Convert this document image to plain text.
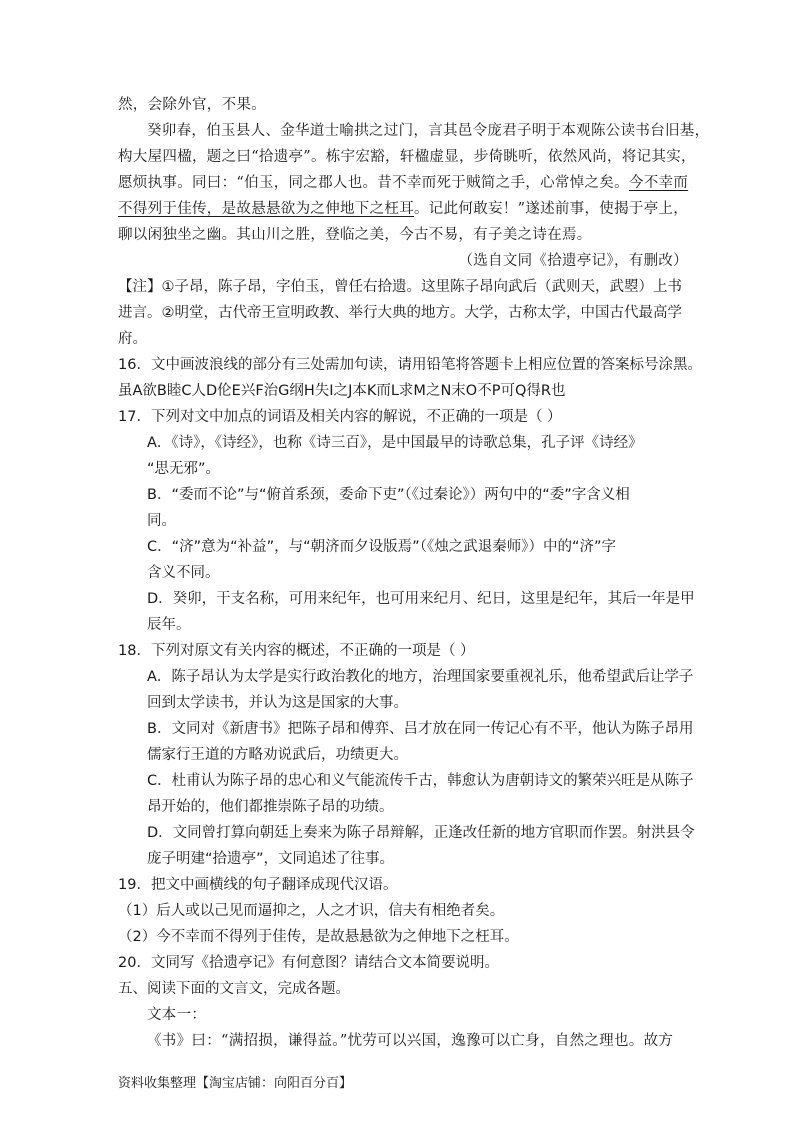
然，会除外官，不果。

癸卯春，伯玉县人、金华道士喻拱之过门，言其邑令庞君子明于本观陈公读书台旧基，

构大屋四楹，题之曰“拾遗亭”。栋宇宏豁，轩楹虚显，步倚眺听，依然风尚，将记其实，

愿烦执事。同曰：“伯玉，同之郡人也。昔不幸而死于贼简之手，心常悼之矣。今不幸而

不得列于佳传，是故悬悬欲为之伸地下之枉耳。记此何敢妄！”遂述前事，使揭于亭上，

聊以闲独坐之幽。其山川之胜，登临之美，今古不易，有子美之诗在焉。

（选自文同《拾遗亭记》，有删改）

【注】①子昂，陈子昂，字伯玉，曾任右拾遗。这里陈子昂向武后（武则天，武曌）上书

进言。②明堂，古代帝王宣明政教、举行大典的地方。大学，古称太学，中国古代最高学

府。

16．文中画波浪线的部分有三处需加句读，请用铅笔将答题卡上相应位置的答案标号涂黑。

虽A欲B睦C人D伦E兴F治G纲H失I之J本K而L求M之N末O不P可Q得R也

17．下列对文中加点的词语及相关内容的解说，不正确的一项是（ ）

A．《诗》，《诗经》，也称《诗三百》，是中国最早的诗歌总集，孔子评《诗经》

“思无邪”。

B．“委而不论”与“俯首系颈，委命下吏”（《过秦论》）两句中的“委”字含义相

同。

C．“济”意为“补益”，与“朝济而夕设版焉”（《烛之武退秦师》）中的“济”字

含义不同。

D．癸卯，干支名称，可用来纪年，也可用来纪月、纪日，这里是纪年，其后一年是甲

辰年。

18．下列对原文有关内容的概述，不正确的一项是（ ）

A．陈子昂认为太学是实行政治教化的地方，治理国家要重视礼乐，他希望武后让学子

回到太学读书，并认为这是国家的大事。

B．文同对《新唐书》把陈子昂和傅弈、吕才放在同一传记心有不平，他认为陈子昂用

儒家行王道的方略劝说武后，功绩更大。

C．杜甫认为陈子昂的忠心和义气能流传千古，韩愈认为唐朝诗文的繁荣兴旺是从陈子

昂开始的，他们都推崇陈子昂的功绩。

D．文同曾打算向朝廷上奏来为陈子昂辩解，正逢改任新的地方官职而作罢。射洪县令

庞子明建“拾遗亭”，文同追述了往事。

19．把文中画横线的句子翻译成现代汉语。

（1）后人或以己见而逼抑之，人之才识，信夫有相绝者矣。

（2）今不幸而不得列于佳传，是故悬悬欲为之伸地下之枉耳。

20．文同写《拾遗亭记》有何意图？请结合文本简要说明。

五、阅读下面的文言文，完成各题。

文本一：

《书》曰：“满招损，谦得益。”忧劳可以兴国，逸豫可以亡身，自然之理也。故方

资料收集整理【淘宝店铺：向阳百分百】
